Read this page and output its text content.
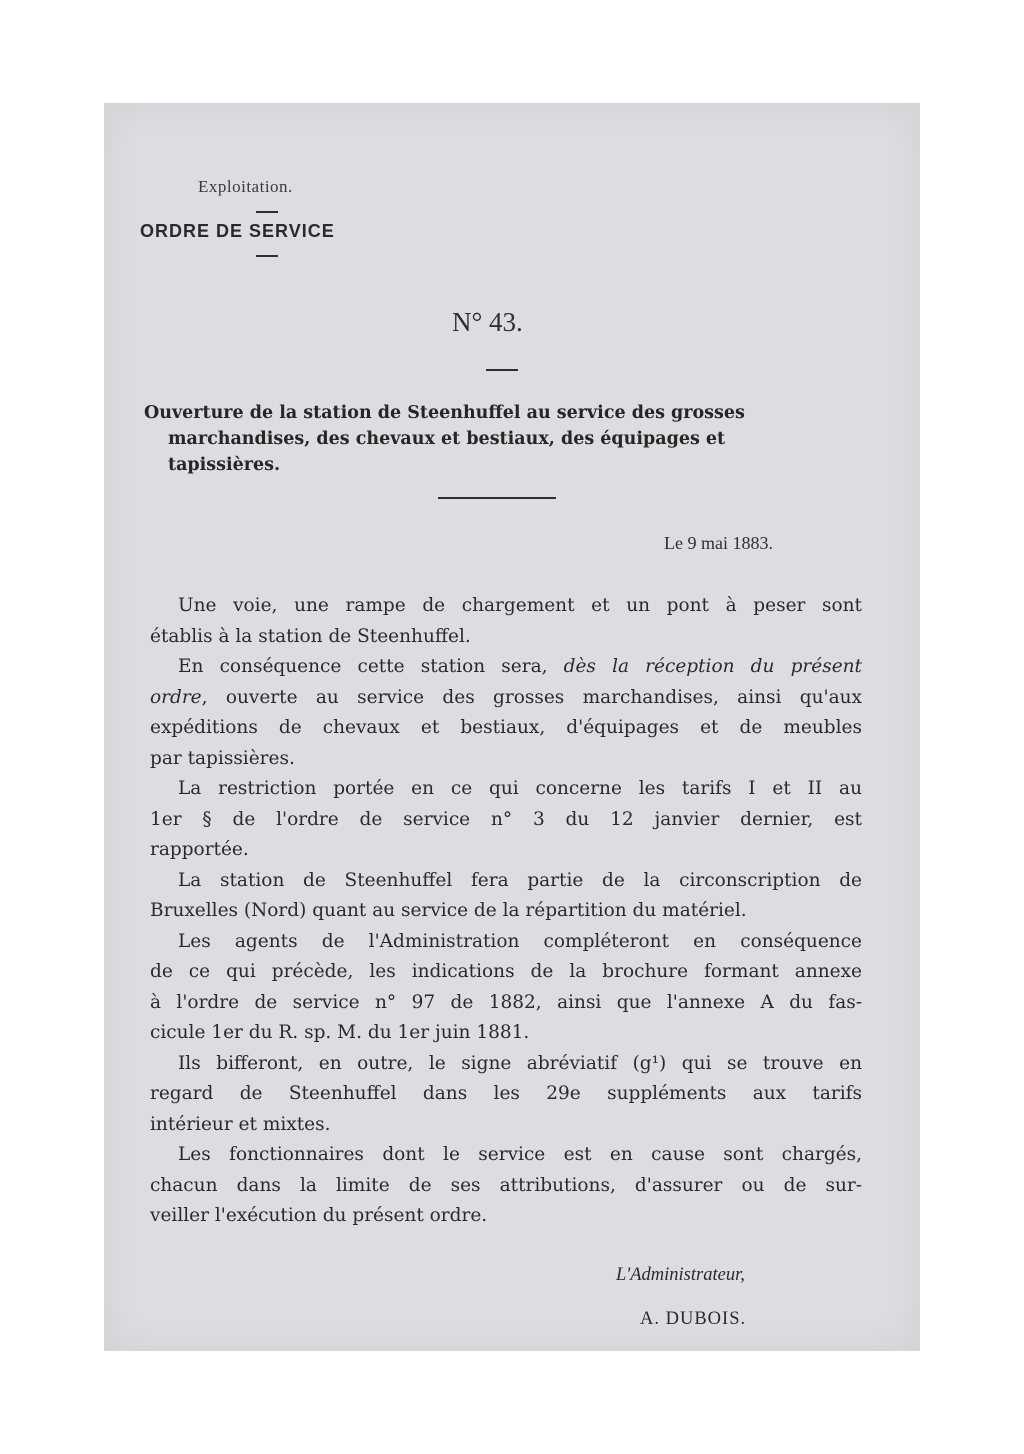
Exploitation.
ORDRE DE SERVICE
N° 43.
Ouverture de la station de Steenhuffel au service des grosses
marchandises, des chevaux et bestiaux, des équipages et
tapissières.
Le 9 mai 1883.

Une voie, une rampe de chargement et un pont à peser sont
établis à la station de Steenhuffel.

En conséquence cette station sera, dès la réception du présent
ordre, ouverte au service des grosses marchandises, ainsi qu'aux
expéditions de chevaux et bestiaux, d'équipages et de meubles
par tapissières.

La restriction portée en ce qui concerne les tarifs I et II au
1er § de l'ordre de service n° 3 du 12 janvier dernier, est
rapportée.

La station de Steenhuffel fera partie de la circonscription de
Bruxelles (Nord) quant au service de la répartition du matériel.

Les agents de l'Administration compléteront en conséquence
de ce qui précède, les indications de la brochure formant annexe
à l'ordre de service n° 97 de 1882, ainsi que l'annexe A du fas-
cicule 1er du R. sp. M. du 1er juin 1881.

Ils bifferont, en outre, le signe abréviatif (g¹) qui se trouve en
regard de Steenhuffel dans les 29e suppléments aux tarifs
intérieur et mixtes.

Les fonctionnaires dont le service est en cause sont chargés,
chacun dans la limite de ses attributions, d'assurer ou de sur-
veiller l'exécution du présent ordre.

L'Administrateur,
A. DUBOIS.
